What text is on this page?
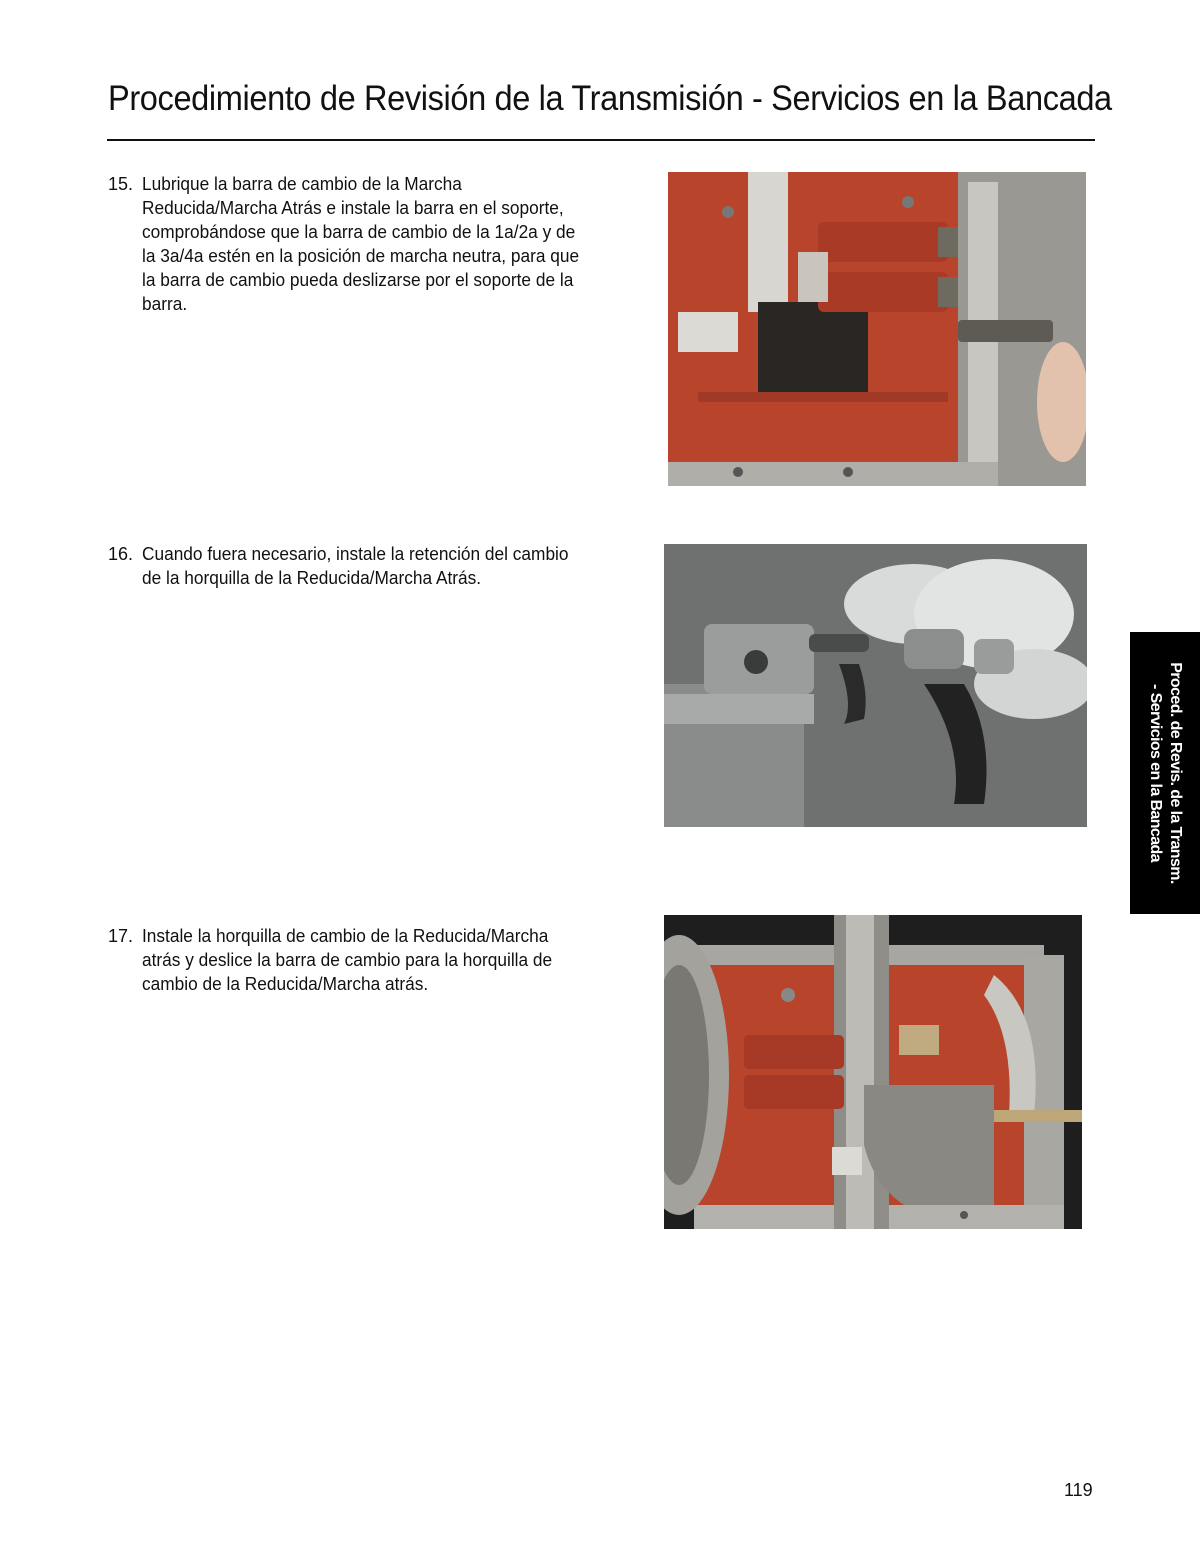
Procedimiento de Revisión de la Transmisión - Servicios en la Bancada
15. Lubrique la barra de cambio de la Marcha Reducida/Marcha Atrás e instale la barra en el soporte, comprobándose que la barra de cambio de la 1a/2a y de la 3a/4a estén en la posición de marcha neutra, para que la barra de cambio pueda deslizarse por el soporte de la barra.
16. Cuando fuera necesario, instale la retención del cambio de la horquilla de la Reducida/Marcha Atrás.
17. Instale la horquilla de cambio de la Reducida/Marcha atrás y deslice la barra de cambio para la horquilla de cambio de la Reducida/Marcha atrás.
Proced. de Revis. de la Transm.
- Servicios en la Bancada
119
